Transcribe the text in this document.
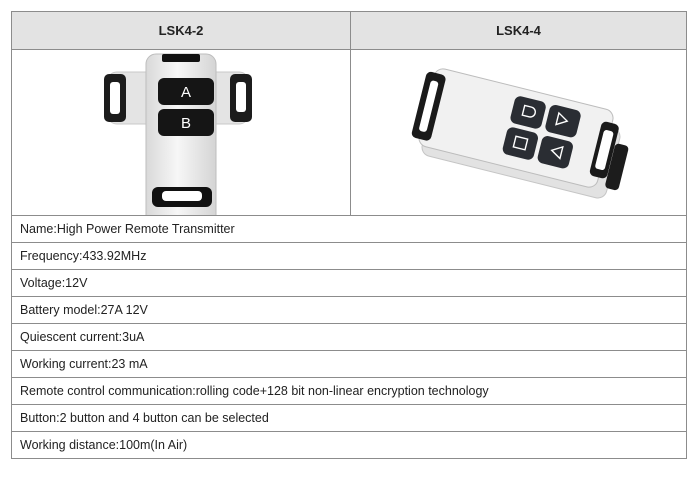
LSK4-2	LSK4-4

A
B

Name:High Power Remote Transmitter	
Frequency:433.92MHz	
Voltage:12V	
Battery model:27A 12V	
Quiescent current:3uA	
Working current:23 mA	
Remote control communication:rolling code+128 bit non-linear encryption technology	
Button:2 button and 4 button can be selected	
Working distance:100m(In Air)	
